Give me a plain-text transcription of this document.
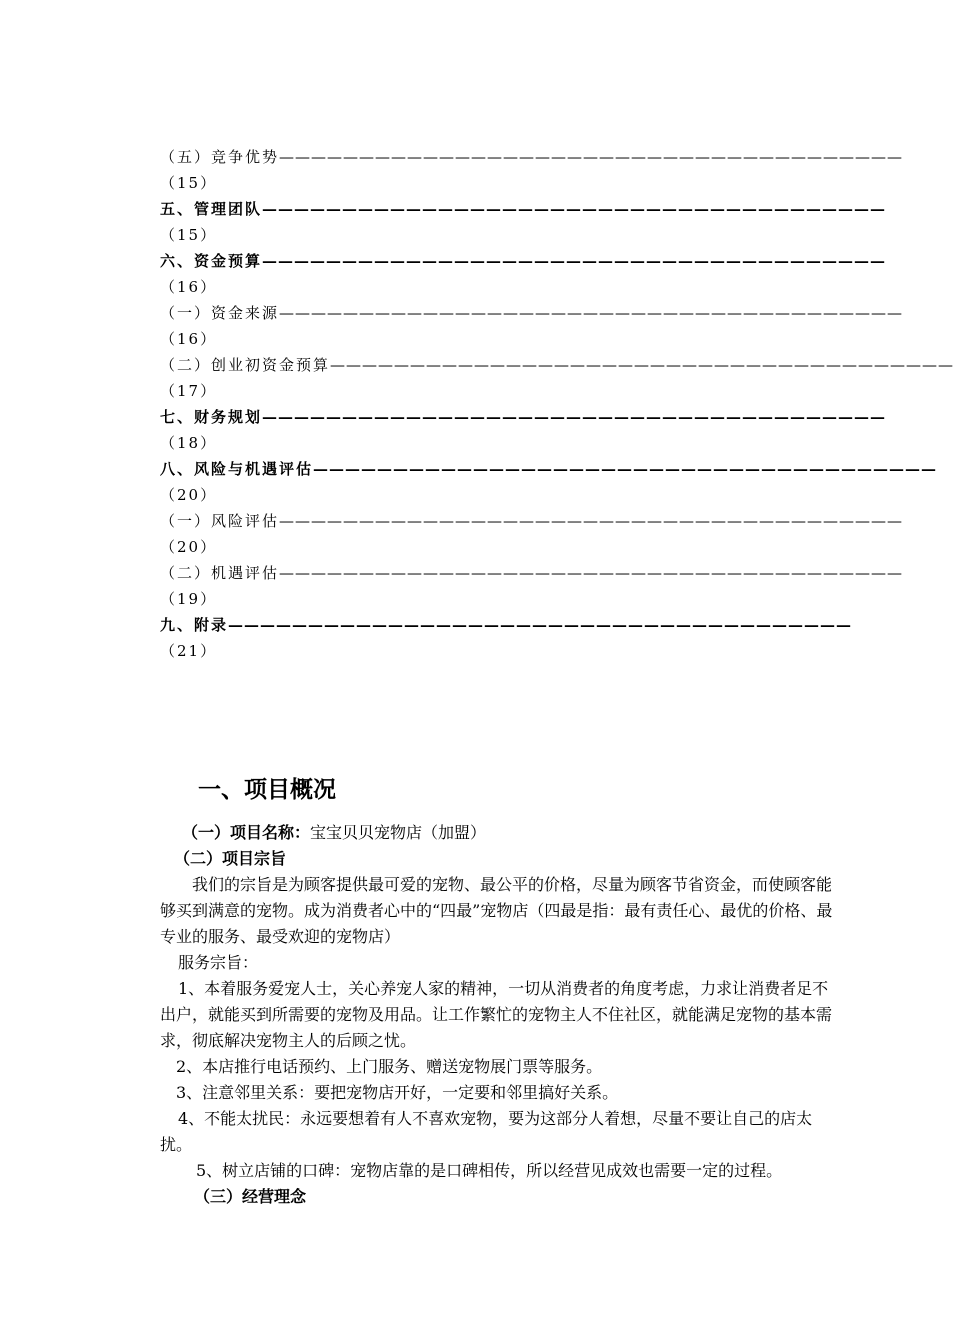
（五）竞争优势———————————————————————————————————————
（15）
五、管理团队———————————————————————————————————————
（15）
六、资金预算———————————————————————————————————————
（16）
（一）资金来源———————————————————————————————————————
（16）
（二）创业初资金预算———————————————————————————————————————
（17）
七、财务规划———————————————————————————————————————
（18）
八、风险与机遇评估———————————————————————————————————————
（20）
（一）风险评估———————————————————————————————————————
（20）
（二）机遇评估———————————————————————————————————————
（19）
九、附录———————————————————————————————————————
（21）
一、项目概况

（一）项目名称：宝宝贝贝宠物店（加盟）

（二）项目宗旨

我们的宗旨是为顾客提供最可爱的宠物、最公平的价格，尽量为顾客节省资金，而使顾客能够买到满意的宠物。成为消费者心中的“四最”宠物店（四最是指：最有责任心、最优的价格、最专业的服务、最受欢迎的宠物店）

服务宗旨：

1、本着服务爱宠人士，关心养宠人家的精神，一切从消费者的角度考虑，力求让消费者足不出户，就能买到所需要的宠物及用品。让工作繁忙的宠物主人不住社区，就能满足宠物的基本需求，彻底解决宠物主人的后顾之忧。

2、本店推行电话预约、上门服务、赠送宠物展门票等服务。

3、注意邻里关系：要把宠物店开好，一定要和邻里搞好关系。

4、不能太扰民：永远要想着有人不喜欢宠物，要为这部分人着想，尽量不要让自己的店太扰。

5、树立店铺的口碑：宠物店靠的是口碑相传，所以经营见成效也需要一定的过程。

（三）经营理念
